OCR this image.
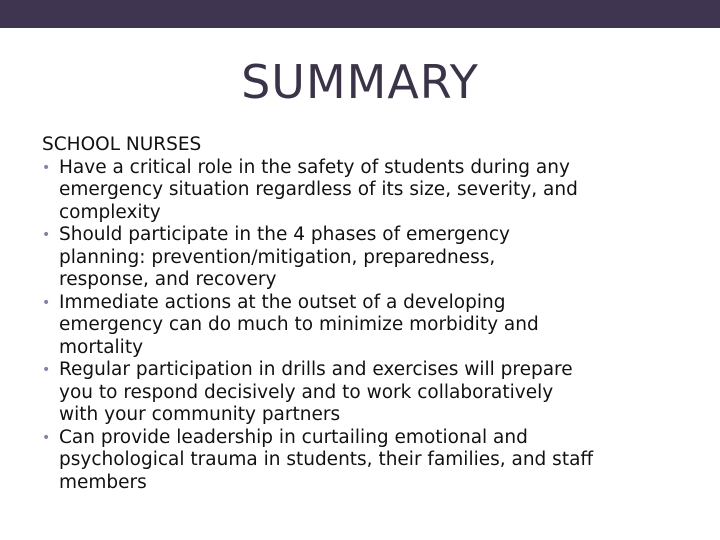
SUMMARY
SCHOOL NURSES
• Have a critical role in the safety of students during any
emergency situation regardless of its size, severity, and
complexity
• Should participate in the 4 phases of emergency
planning: prevention/mitigation, preparedness,
response, and recovery
• Immediate actions at the outset of a developing
emergency can do much to minimize morbidity and
mortality
• Regular participation in drills and exercises will prepare
you to respond decisively and to work collaboratively
with your community partners
• Can provide leadership in curtailing emotional and
psychological trauma in students, their families, and staff
members
